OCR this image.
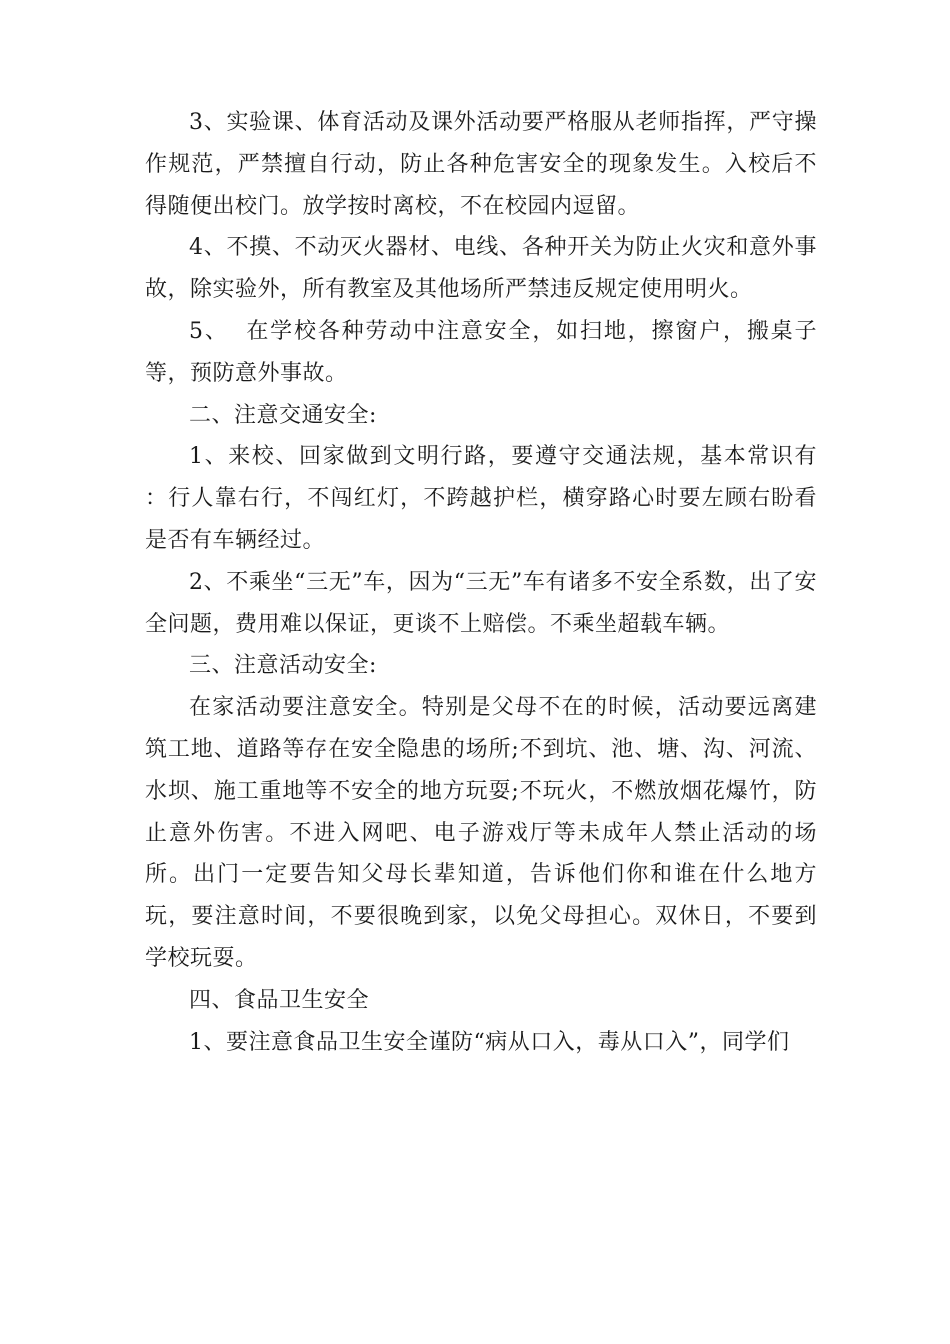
3、实验课、体育活动及课外活动要严格服从老师指挥，严守操作规范，严禁擅自行动，防止各种危害安全的现象发生。入校后不得随便出校门。放学按时离校，不在校园内逗留。

4、不摸、不动灭火器材、电线、各种开关为防止火灾和意外事故，除实验外，所有教室及其他场所严禁违反规定使用明火。

5、  在学校各种劳动中注意安全，如扫地，擦窗户，搬桌子等，预防意外事故。

二、注意交通安全:

1、来校、回家做到文明行路，要遵守交通法规，基本常识有 ：行人靠右行，不闯红灯，不跨越护栏，横穿路心时要左顾右盼看是否有车辆经过。

2、不乘坐“三无”车，因为“三无”车有诸多不安全系数，出了安全问题，费用难以保证，更谈不上赔偿。不乘坐超载车辆。

三、注意活动安全:

在家活动要注意安全。特别是父母不在的时候，活动要远离建筑工地、道路等存在安全隐患的场所;不到坑、池、塘、沟、河流、水坝、施工重地等不安全的地方玩耍;不玩火，不燃放烟花爆竹，防止意外伤害。不进入网吧、电子游戏厅等未成年人禁止活动的场所。出门一定要告知父母长辈知道，告诉他们你和谁在什么地方玩，要注意时间，不要很晚到家，以免父母担心。双休日，不要到学校玩耍。

四、食品卫生安全

1、要注意食品卫生安全谨防“病从口入，毒从口入”，同学们
